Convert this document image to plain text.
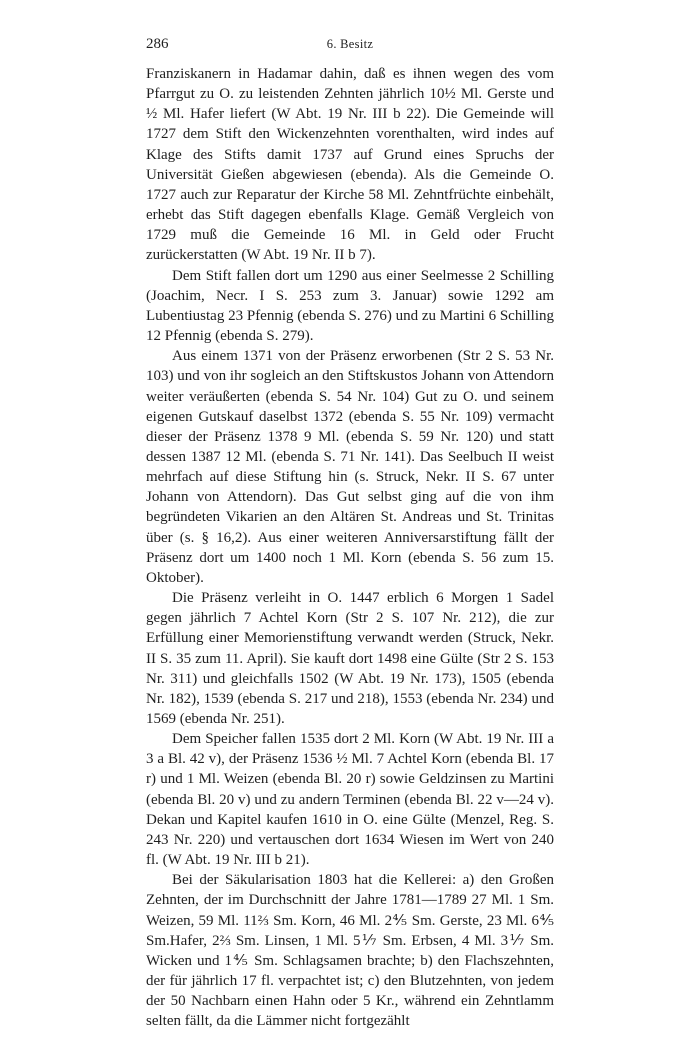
286	6. Besitz

Franziskanern in Hadamar dahin, daß es ihnen wegen des vom Pfarrgut zu O. zu leistenden Zehnten jährlich 10½ Ml. Gerste und ½ Ml. Hafer liefert (W Abt. 19 Nr. III b 22). Die Gemeinde will 1727 dem Stift den Wickenzehnten vorenthalten, wird indes auf Klage des Stifts damit 1737 auf Grund eines Spruchs der Universität Gießen abgewiesen (ebenda). Als die Gemeinde O. 1727 auch zur Reparatur der Kirche 58 Ml. Zehntfrüchte einbehält, erhebt das Stift dagegen ebenfalls Klage. Gemäß Vergleich von 1729 muß die Gemeinde 16 Ml. in Geld oder Frucht zurückerstatten (W Abt. 19 Nr. II b 7).

Dem Stift fallen dort um 1290 aus einer Seelmesse 2 Schilling (Joachim, Necr. I S. 253 zum 3. Januar) sowie 1292 am Lubentiustag 23 Pfennig (ebenda S. 276) und zu Martini 6 Schilling 12 Pfennig (ebenda S. 279).

Aus einem 1371 von der Präsenz erworbenen (Str 2 S. 53 Nr. 103) und von ihr sogleich an den Stiftskustos Johann von Attendorn weiter veräußerten (ebenda S. 54 Nr. 104) Gut zu O. und seinem eigenen Gutskauf daselbst 1372 (ebenda S. 55 Nr. 109) vermacht dieser der Präsenz 1378 9 Ml. (ebenda S. 59 Nr. 120) und statt dessen 1387 12 Ml. (ebenda S. 71 Nr. 141). Das Seelbuch II weist mehrfach auf diese Stiftung hin (s. Struck, Nekr. II S. 67 unter Johann von Attendorn). Das Gut selbst ging auf die von ihm begründeten Vikarien an den Altären St. Andreas und St. Trinitas über (s. § 16,2). Aus einer weiteren Anniversarstiftung fällt der Präsenz dort um 1400 noch 1 Ml. Korn (ebenda S. 56 zum 15. Oktober).

Die Präsenz verleiht in O. 1447 erblich 6 Morgen 1 Sadel gegen jährlich 7 Achtel Korn (Str 2 S. 107 Nr. 212), die zur Erfüllung einer Memorienstiftung verwandt werden (Struck, Nekr. II S. 35 zum 11. April). Sie kauft dort 1498 eine Gülte (Str 2 S. 153 Nr. 311) und gleichfalls 1502 (W Abt. 19 Nr. 173), 1505 (ebenda Nr. 182), 1539 (ebenda S. 217 und 218), 1553 (ebenda Nr. 234) und 1569 (ebenda Nr. 251).

Dem Speicher fallen 1535 dort 2 Ml. Korn (W Abt. 19 Nr. III a 3 a Bl. 42 v), der Präsenz 1536 ½ Ml. 7 Achtel Korn (ebenda Bl. 17 r) und 1 Ml. Weizen (ebenda Bl. 20 r) sowie Geldzinsen zu Martini (ebenda Bl. 20 v) und zu andern Terminen (ebenda Bl. 22 v—24 v). Dekan und Kapitel kaufen 1610 in O. eine Gülte (Menzel, Reg. S. 243 Nr. 220) und vertauschen dort 1634 Wiesen im Wert von 240 fl. (W Abt. 19 Nr. III b 21).

Bei der Säkularisation 1803 hat die Kellerei: a) den Großen Zehnten, der im Durchschnitt der Jahre 1781—1789 27 Ml. 1 Sm. Weizen, 59 Ml. 11⅔ Sm. Korn, 46 Ml. 2⅘ Sm. Gerste, 23 Ml. 6⅘ Sm.Hafer, 2⅔ Sm. Linsen, 1 Ml. 5⅐ Sm. Erbsen, 4 Ml. 3⅐ Sm. Wicken und 1⅘ Sm. Schlagsamen brachte; b) den Flachszehnten, der für jährlich 17 fl. verpachtet ist; c) den Blutzehnten, von jedem der 50 Nachbarn einen Hahn oder 5 Kr., während ein Zehntlamm selten fällt, da die Lämmer nicht fortgezählt
